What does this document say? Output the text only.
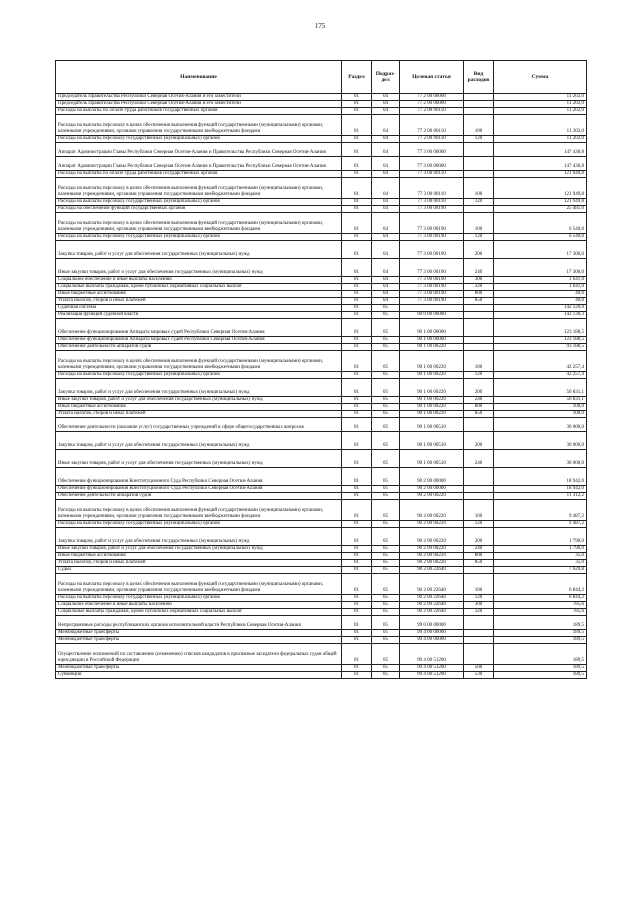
175
Наименование	Раздел	Подраз-дел	Целевая статья	Вид расходов	Сумма
Председатель Правительства Республики Северная Осетия-Алания и его заместители	01	04	77 2 00 00000		11 202,0
Председатель Правительства Республики Северная Осетия-Алания и его заместители	01	04	77 2 00 00000		11 202,0
Расходы на выплаты по оплате труда работников государственных органов	01	04	77 2 00 00110		11 202,0
Расходы на выплаты персоналу в целях обеспечения выполнения функций государственными (муниципальными) органами, казенными учреждениями, органами управления государственными внебюджетными фондами	01	04	77 2 00 00110	100	11 202,0
Расходы на выплаты персоналу государственных (муниципальных) органов	01	04	77 2 00 00110	120	11 202,0
Аппарат Администрации Главы Республики Северная Осетия-Алания и Правительства Республики Северная Осетия-Алания	01	04	77 3 00 00000		147 430,8
Аппарат Администрации Главы Республики Северная Осетия-Алания и Правительства Республики Северная Осетия-Алания	01	04	77 3 00 00000		147 430,8
Расходы на выплаты по оплате труда работников государственных органов	01	04	77 3 00 00110		121 949,8
Расходы на выплаты персоналу в целях обеспечения выполнения функций государственными (муниципальными) органами, казенными учреждениями, органами управления государственными внебюджетными фондами	01	04	77 3 00 00110	100	121 949,8
Расходы на выплаты персоналу государственных (муниципальных) органов	01	04	77 3 00 00110	120	121 949,8
Расходы на обеспечение функций государственных органов	01	04	77 3 00 00190		25 481,0
Расходы на выплаты персоналу в целях обеспечения выполнения функций государственными (муниципальными) органами, казенными учреждениями, органами управления государственными внебюджетными фондами	01	04	77 3 00 00190	100	6 540,0
Расходы на выплаты персоналу государственных (муниципальных) органов	01	04	77 3 00 00190	120	6 540,0
Закупка товаров, работ и услуг для обеспечения государственных (муниципальных) нужд	01	04	77 3 00 00190	200	17 300,0
Иные закупки товаров, работ и услуг для обеспечения государственных (муниципальных) нужд	01	04	77 3 00 00190	240	17 300,0
Социальное обеспечение и иные выплаты населению	01	04	77 3 00 00190	300	1 641,0
Социальные выплаты гражданам, кроме публичных нормативных социальных выплат	01	04	77 3 00 00190	320	1 641,0
Иные бюджетные ассигнования	01	04	77 3 00 00190	800	40,0
Уплата налогов, сборов и иных платежей	01	04	77 3 00 00190	850	40,0
Судебная система	01	05			142 120,0
Реализация функций судебной власти	01	05	90 0 00 00000		142 130,3
Обеспечение функционирования Аппарата мировых судей Республики Северная Осетия-Алания	01	05	90 1 00 00000		123 188,5
Обеспечение функционирования Аппарата мировых судей Республики Северная Осетия-Алания	01	05	90 1 00 00000		123 188,5
Обеспечение деятельности аппаратов судов	01	05	90 1 00 00220		93 188,5
Расходы на выплаты персоналу в целях обеспечения выполнения функций государственными (муниципальными) органами, казенными учреждениями, органами управления государственными внебюджетными фондами	01	05	90 1 00 00220	100	42 257,4
Расходы на выплаты персоналу государственных (муниципальных) органов	01	05	90 1 00 00220	120	42 257,4
Закупка товаров, работ и услуг для обеспечения государственных (муниципальных) нужд	01	05	90 1 00 00220	200	50 831,1
Иные закупки товаров, работ и услуг для обеспечения государственных (муниципальных) нужд	01	05	90 1 00 00220	240	50 831,1
Иные бюджетные ассигнования	01	05	90 1 00 00220	800	100,0
Уплата налогов, сборов и иных платежей	01	05	90 1 00 00220	850	100,0
Обеспечение деятельности (оказание услуг) государственных учреждений в сфере общегосударственных вопросов	01	05	90 1 00 00510		30 000,0
Закупка товаров, работ и услуг для обеспечения государственных (муниципальных) нужд	01	05	90 1 00 00510	200	30 000,0
Иные закупки товаров, работ и услуг для обеспечения государственных (муниципальных) нужд	01	05	90 1 00 00510	240	30 000,0
Обеспечение функционирования Конституционного Суда Республики Северная Осетия-Алания	01	05	90 2 00 00000		18 942,0
Обеспечение функционирования Конституционного Суда Республики Северная Осетия-Алания	01	05	90 2 00 00000		18 942,0
Обеспечение деятельности аппаратов судов	01	05	90 2 00 00220		11 312,2
Расходы на выплаты персоналу в целях обеспечения выполнения функций государственными (муниципальными) органами, казенными учреждениями, органами управления государственными внебюджетными фондами	01	05	90 2 00 00220	100	9 487,2
Расходы на выплаты персоналу государственных (муниципальных) органов	01	05	90 2 00 00220	120	9 487,2
Закупка товаров, работ и услуг для обеспечения государственных (муниципальных) нужд	01	05	90 2 00 00220	200	1 790,0
Иные закупки товаров, работ и услуг для обеспечения государственных (муниципальных) нужд	01	05	90 2 00 00220	240	1 790,0
Иные бюджетные ассигнования	01	05	90 2 00 00220	800	35,0
Уплата налогов, сборов и иных платежей	01	05	90 2 00 00220	850	35,0
Судьи	01	05	90 2 00 22640		7 629,8
Расходы на выплаты персоналу в целях обеспечения выполнения функций государственными (муниципальными) органами, казенными учреждениями, органами управления государственными внебюджетными фондами	01	05	90 2 00 22640	100	6 844,2
Расходы на выплаты персоналу государственных (муниципальных) органов	01	05	90 2 00 22640	120	6 844,2
Социальное обеспечение и иные выплаты населению	01	05	90 2 00 22640	300	785,6
Социальные выплаты гражданам, кроме публичных нормативных социальных выплат	01	05	90 2 00 22640	320	785,6
Непрограммные расходы республиканских органов исполнительной власти Республики Северная Осетия-Алания	01	05	99 0 00 00000		189,5
Межбюджетные трансферты	01	05	99 4 00 00000		189,5
Межбюджетные трансферты	01	05	99 4 00 00000		189,5
Осуществление полномочий по составлению (изменению) списков кандидатов в присяжные заседатели федеральных судов общей юрисдикции в Российской Федерации	01	05	99 4 00 51200		189,5
Межбюджетные трансферты	01	05	99 4 00 51200	500	189,5
Субвенции	01	05	99 4 00 51200	530	189,5
